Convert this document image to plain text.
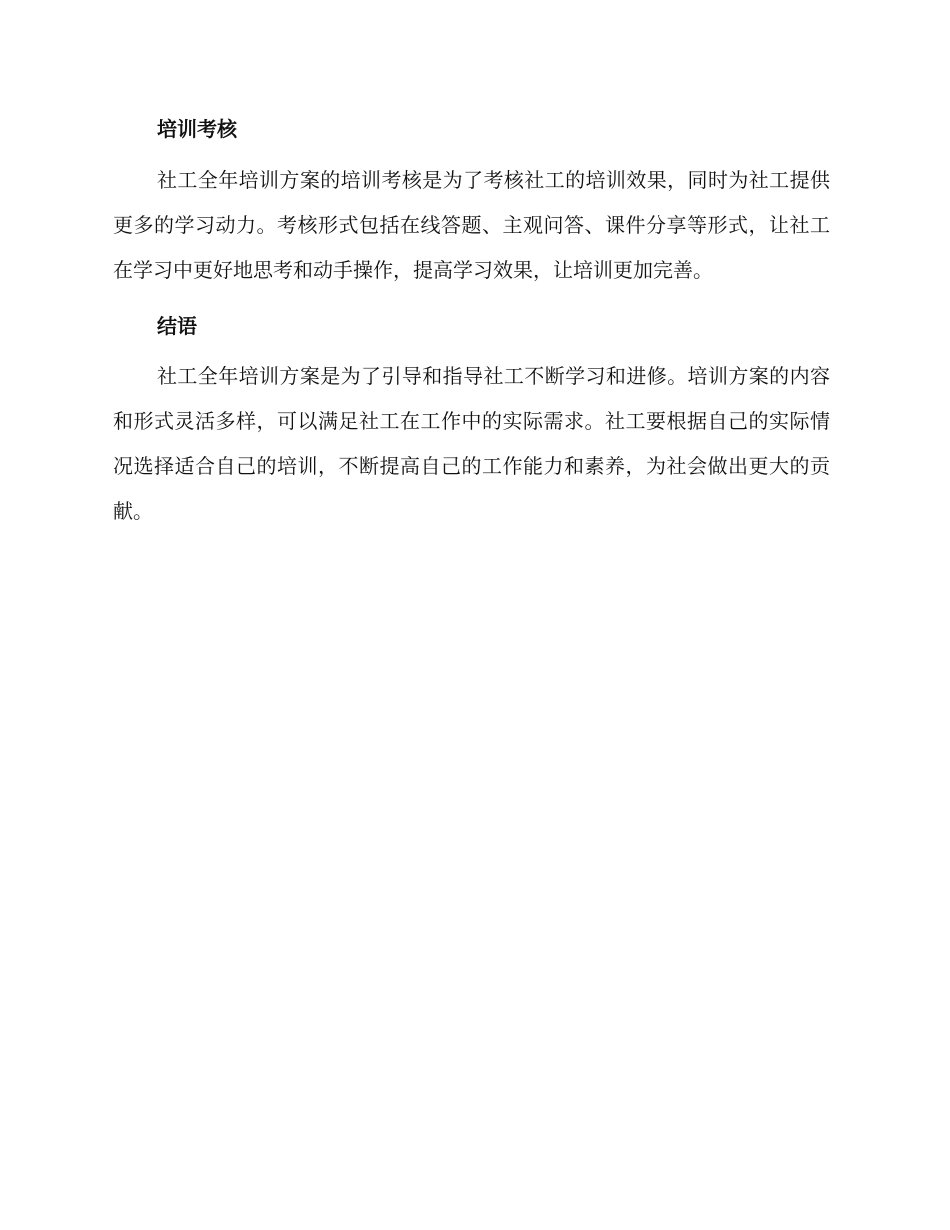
培训考核

社工全年培训方案的培训考核是为了考核社工的培训效果，同时为社工提供更多的学习动力。考核形式包括在线答题、主观问答、课件分享等形式，让社工在学习中更好地思考和动手操作，提高学习效果，让培训更加完善。

结语

社工全年培训方案是为了引导和指导社工不断学习和进修。培训方案的内容和形式灵活多样，可以满足社工在工作中的实际需求。社工要根据自己的实际情况选择适合自己的培训，不断提高自己的工作能力和素养，为社会做出更大的贡献。
